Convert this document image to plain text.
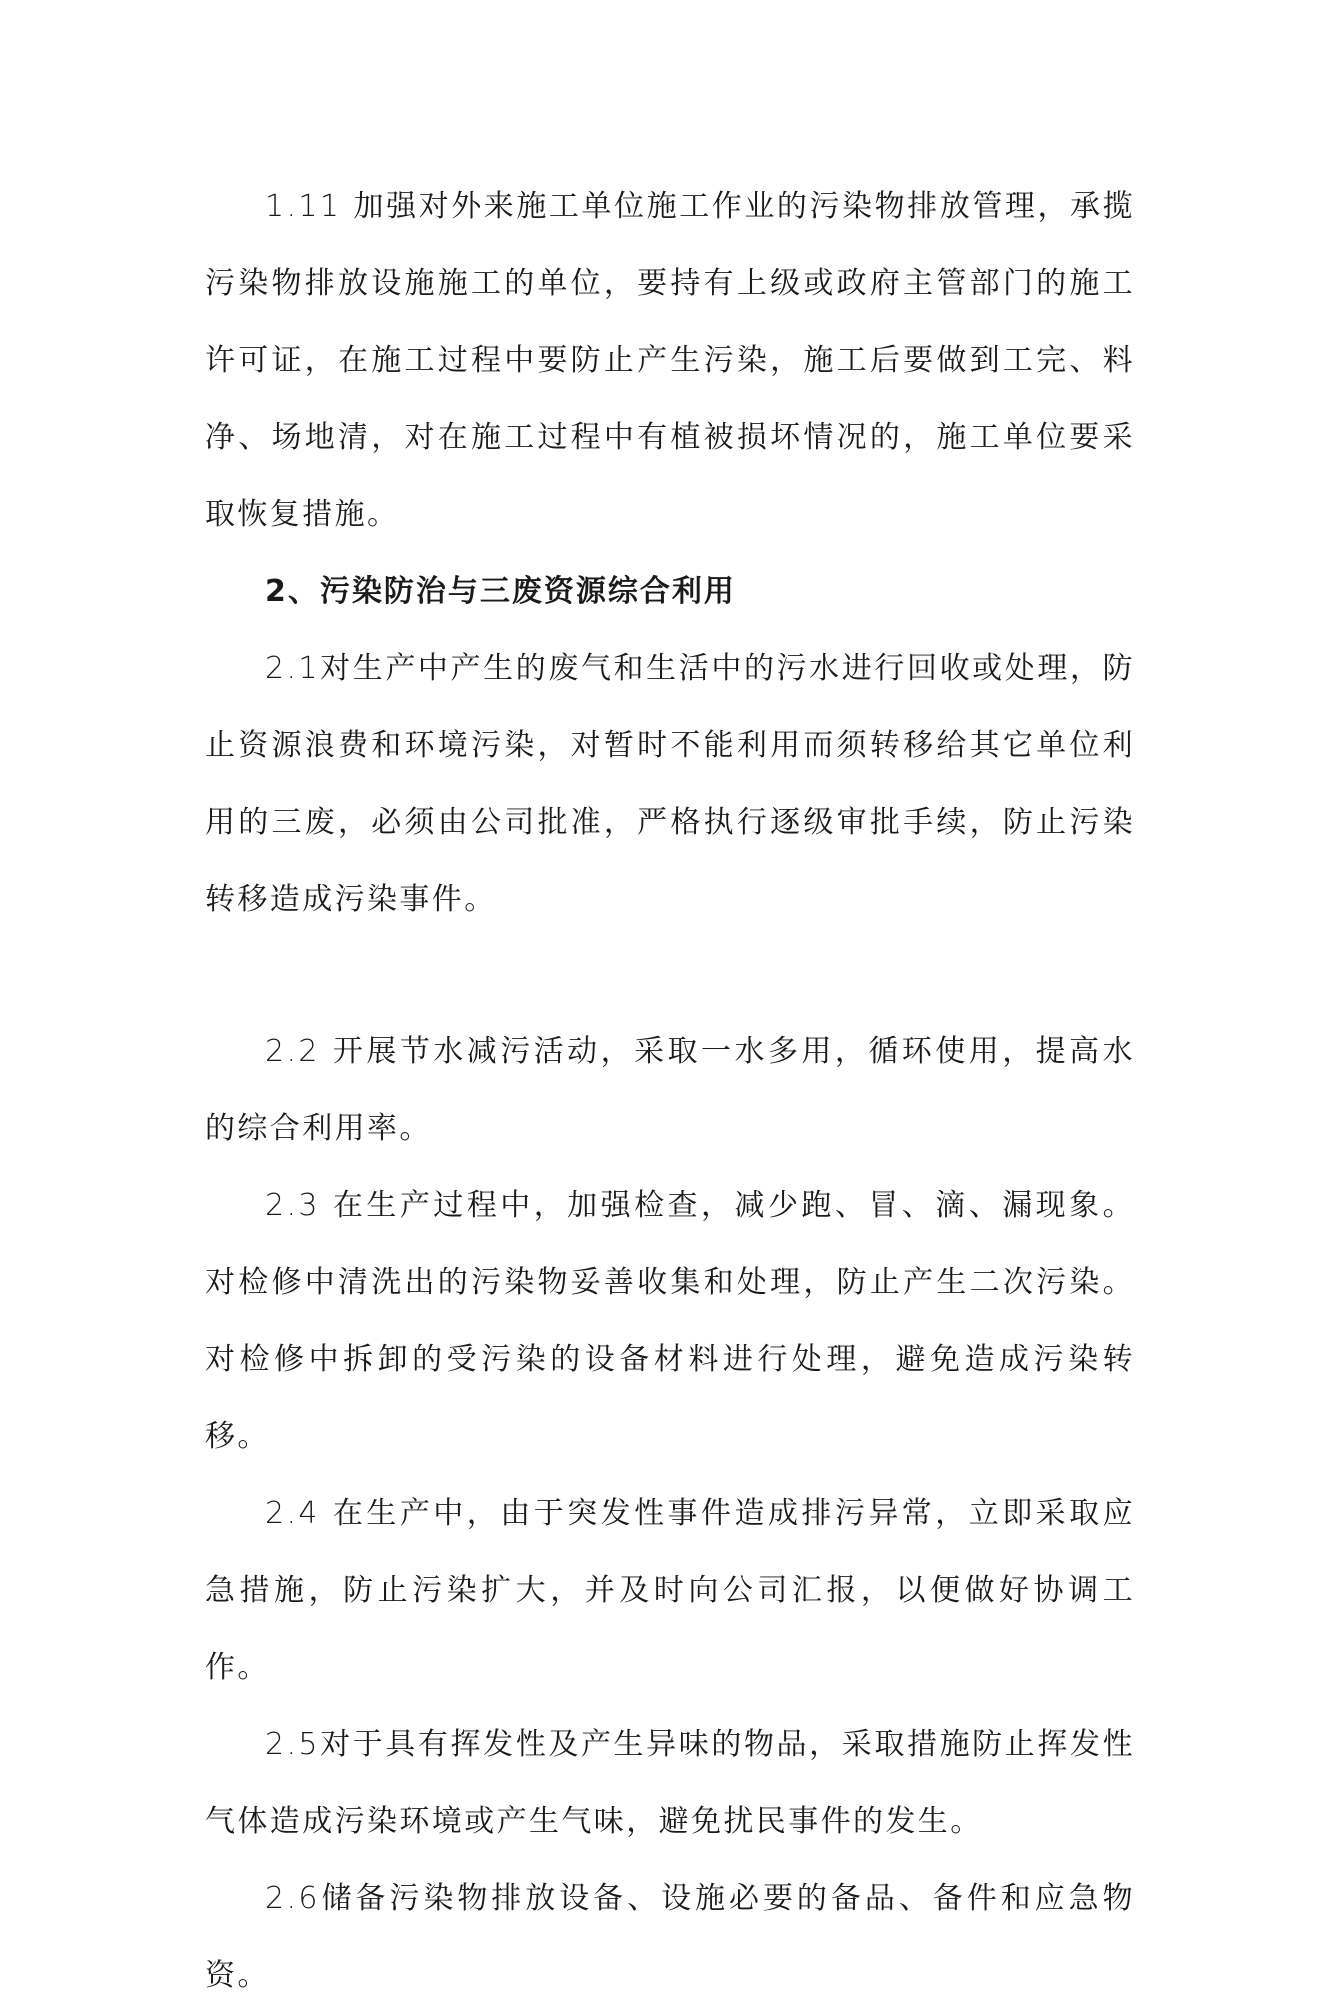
1.11 加强对外来施工单位施工作业的污染物排放管理，承揽污染物排放设施施工的单位，要持有上级或政府主管部门的施工许可证，在施工过程中要防止产生污染，施工后要做到工完、料净、场地清，对在施工过程中有植被损坏情况的，施工单位要采取恢复措施。

2、污染防治与三废资源综合利用

2.1对生产中产生的废气和生活中的污水进行回收或处理，防止资源浪费和环境污染，对暂时不能利用而须转移给其它单位利用的三废，必须由公司批准，严格执行逐级审批手续，防止污染转移造成污染事件。

2.2 开展节水减污活动，采取一水多用，循环使用，提高水的综合利用率。

2.3 在生产过程中，加强检查，减少跑、冒、滴、漏现象。对检修中清洗出的污染物妥善收集和处理，防止产生二次污染。对检修中拆卸的受污染的设备材料进行处理，避免造成污染转移。

2.4 在生产中，由于突发性事件造成排污异常，立即采取应急措施，防止污染扩大，并及时向公司汇报，以便做好协调工作。

2.5对于具有挥发性及产生异味的物品，采取措施防止挥发性气体造成污染环境或产生气味，避免扰民事件的发生。

2.6储备污染物排放设备、设施必要的备品、备件和应急物资。
